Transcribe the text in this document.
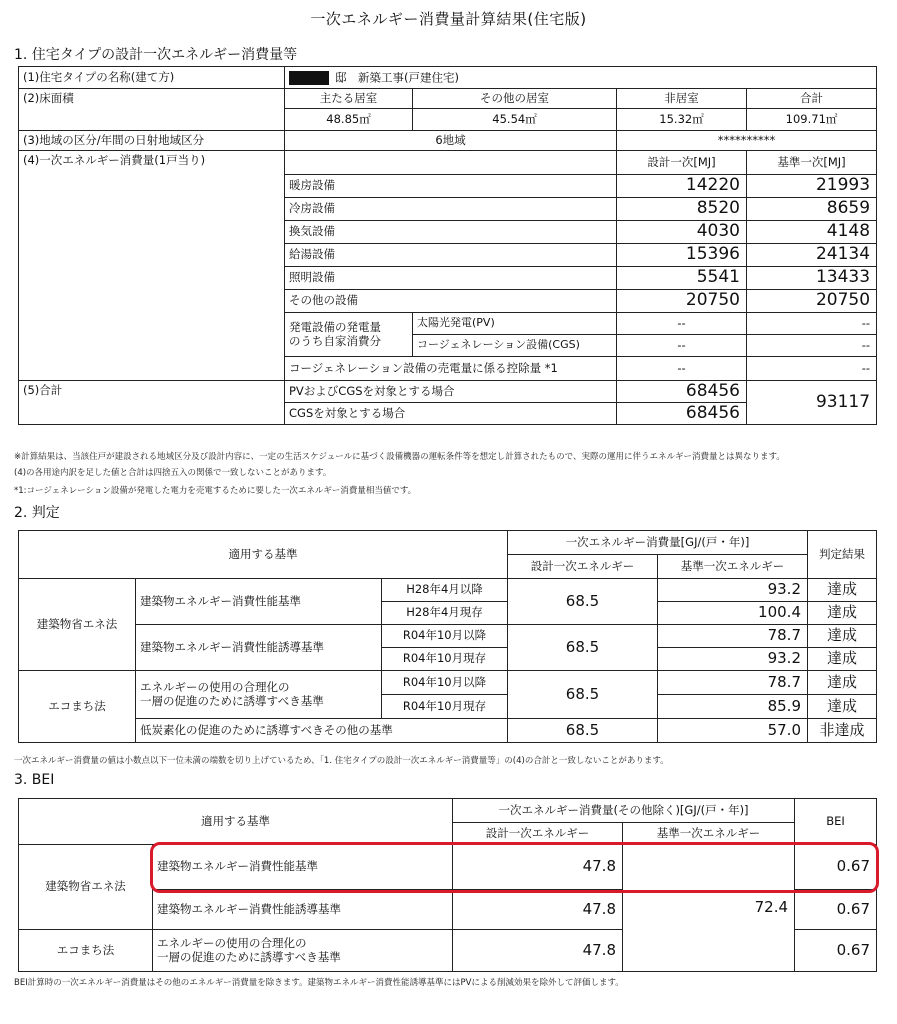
一次エネルギー消費量計算結果(住宅版)
1. 住宅タイプの設計一次エネルギー消費量等
(1)住宅タイプの名称(建て方)	邸　新築工事(戸建住宅)			
(2)床面積	主たる居室	その他の居室	非居室	合計
	48.85㎡	45.54㎡	15.32㎡	109.71㎡
(3)地域の区分/年間の日射地域区分	6地域		**********	
(4)一次エネルギー消費量(1戸当り)			設計一次[MJ]	基準一次[MJ]
	暖房設備		14220	21993
	冷房設備		8520	8659
	換気設備		4030	4148
	給湯設備		15396	24134
	照明設備		5541	13433
	その他の設備		20750	20750

	発電設備の発電量
のうち自家消費分	太陽光発電(PV)	--	--
		コージェネレーション設備(CGS)	--	--
	コージェネレーション設備の売電量に係る控除量 *1		--	--
(5)合計	PVおよびCGSを対象とする場合		68456	93117
	CGSを対象とする場合		68456	
※計算結果は、当該住戸が建設される地域区分及び設計内容に、一定の生活スケジュールに基づく設備機器の運転条件等を想定し計算されたもので、実際の運用に伴うエネルギー消費量とは異なります。
(4)の各用途内訳を足した値と合計は四捨五入の関係で一致しないことがあります。
*1:コージェネレーション設備が発電した電力を売電するために要した一次エネルギー消費量相当値です。
2. 判定
適用する基準			一次エネルギー消費量[GJ/(戸・年)]		判定結果
			設計一次エネルギー	基準一次エネルギー	
建築物省エネ法	建築物エネルギー消費性能基準	H28年4月以降	68.5	93.2	達成
		H28年4月現存		100.4	達成
	建築物エネルギー消費性能誘導基準	R04年10月以降	68.5	78.7	達成
		R04年10月現存		93.2	達成
エコまち法	エネルギーの使用の合理化の
一層の促進のために誘導すべき基準	R04年10月以降	68.5	78.7	達成
		R04年10月現存		85.9	達成
	低炭素化の促進のために誘導すべきその他の基準		68.5	57.0	非達成
一次エネルギー消費量の値は小数点以下一位未満の端数を切り上げているため、「1. 住宅タイプの設計一次エネルギー消費量等」の(4)の合計と一致しないことがあります。
3. BEI
適用する基準		一次エネルギー消費量(その他除く)[GJ/(戸・年)]		BEI
		設計一次エネルギー	基準一次エネルギー	
建築物省エネ法	建築物エネルギー消費性能基準	47.8	72.4	0.67
	建築物エネルギー消費性能誘導基準	47.8		0.67
エコまち法	エネルギーの使用の合理化の
一層の促進のために誘導すべき基準	47.8		0.67
BEI計算時の一次エネルギー消費量はその他のエネルギー消費量を除きます。建築物エネルギー消費性能誘導基準にはPVによる削減効果を除外して評価します。
